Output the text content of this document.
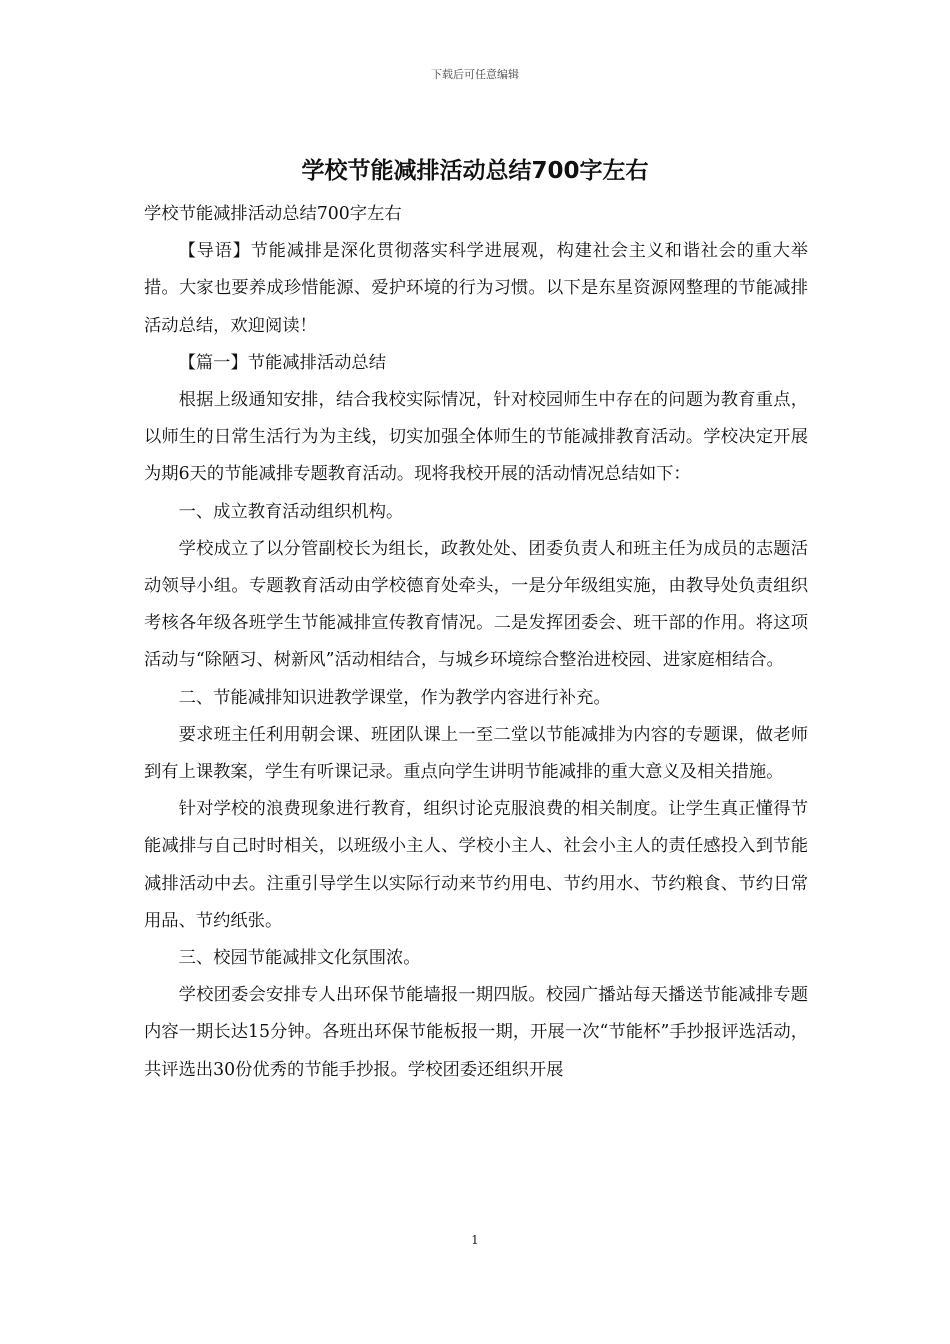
下载后可任意编辑
学校节能减排活动总结700字左右

学校节能减排活动总结700字左右

【导语】节能减排是深化贯彻落实科学进展观，构建社会主义和谐社会的重大举措。大家也要养成珍惜能源、爱护环境的行为习惯。以下是东星资源网整理的节能减排活动总结，欢迎阅读！

【篇一】节能减排活动总结

根据上级通知安排，结合我校实际情况，针对校园师生中存在的问题为教育重点，以师生的日常生活行为为主线，切实加强全体师生的节能减排教育活动。学校决定开展为期6天的节能减排专题教育活动。现将我校开展的活动情况总结如下：

一、成立教育活动组织机构。

学校成立了以分管副校长为组长，政教处处、团委负责人和班主任为成员的志题活动领导小组。专题教育活动由学校德育处牵头，一是分年级组实施，由教导处负责组织考核各年级各班学生节能减排宣传教育情况。二是发挥团委会、班干部的作用。将这项活动与“除陋习、树新风”活动相结合，与城乡环境综合整治进校园、进家庭相结合。

二、节能减排知识进教学课堂，作为教学内容进行补充。

要求班主任利用朝会课、班团队课上一至二堂以节能减排为内容的专题课，做老师到有上课教案，学生有听课记录。重点向学生讲明节能减排的重大意义及相关措施。

针对学校的浪费现象进行教育，组织讨论克服浪费的相关制度。让学生真正懂得节能减排与自己时时相关，以班级小主人、学校小主人、社会小主人的责任感投入到节能减排活动中去。注重引导学生以实际行动来节约用电、节约用水、节约粮食、节约日常用品、节约纸张。

三、校园节能减排文化氛围浓。

学校团委会安排专人出环保节能墙报一期四版。校园广播站每天播送节能减排专题内容一期长达15分钟。各班出环保节能板报一期，开展一次“节能杯”手抄报评选活动，共评选出30份优秀的节能手抄报。学校团委还组织开展

1
